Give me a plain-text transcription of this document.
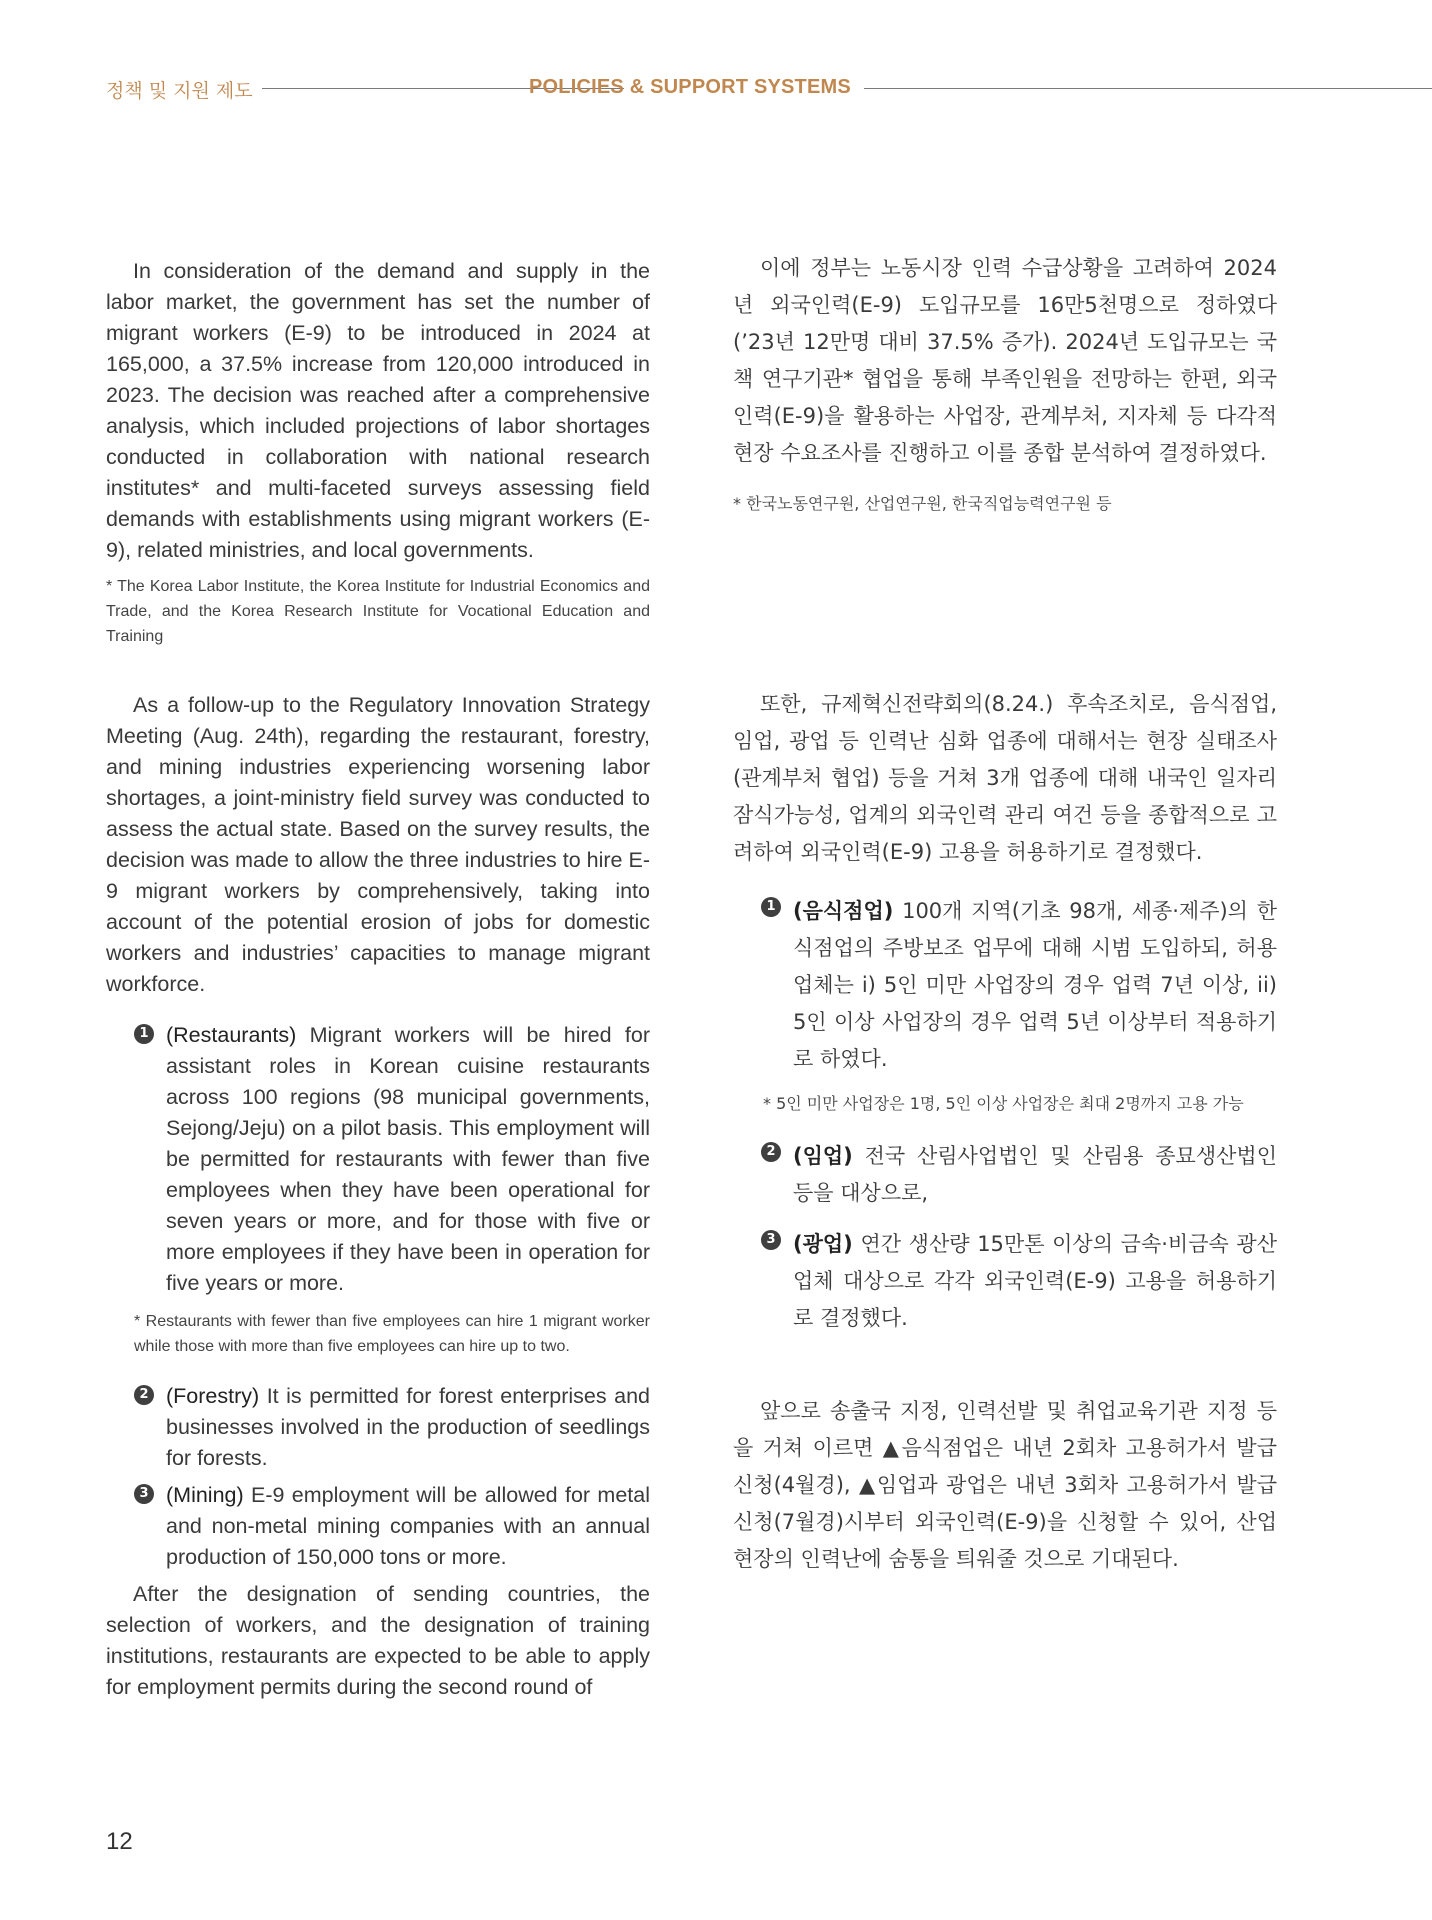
정책 및 지원 제도	POLICIES & SUPPORT SYSTEMS

In consideration of the demand and supply in the labor market, the government has set the number of migrant workers (E-9) to be introduced in 2024 at 165,000, a 37.5% increase from 120,000 introduced in 2023. The decision was reached after a comprehensive analysis, which included projections of labor shortages conducted in collaboration with national research institutes* and multi-faceted surveys assessing field demands with establishments using migrant workers (E-9), related ministries, and local governments.

* The Korea Labor Institute, the Korea Institute for Industrial Economics and Trade, and the Korea Research Institute for Vocational Education and Training

As a follow-up to the Regulatory Innovation Strategy Meeting (Aug. 24th), regarding the restaurant, forestry, and mining industries experiencing worsening labor shortages, a joint-ministry field survey was conducted to assess the actual state. Based on the survey results, the decision was made to allow the three industries to hire E-9 migrant workers by comprehensively, taking into account of the potential erosion of jobs for domestic workers and industries’ capacities to manage migrant workforce.

1 (Restaurants) Migrant workers will be hired for assistant roles in Korean cuisine restaurants across 100 regions (98 municipal governments, Sejong/Jeju) on a pilot basis. This employment will be permitted for restaurants with fewer than five employees when they have been operational for seven years or more, and for those with five or more employees if they have been in operation for five years or more.

* Restaurants with fewer than five employees can hire 1 migrant worker while those with more than five employees can hire up to two.

2 (Forestry) It is permitted for forest enterprises and businesses involved in the production of seedlings for forests.

3 (Mining) E-9 employment will be allowed for metal and non-metal mining companies with an annual production of 150,000 tons or more.

After the designation of sending countries, the selection of workers, and the designation of training institutions, restaurants are expected to be able to apply for employment permits during the second round of

이에 정부는 노동시장 인력 수급상황을 고려하여 2024년 외국인력(E-9) 도입규모를 16만5천명으로 정하였다(’23년 12만명 대비 37.5% 증가). 2024년 도입규모는 국책 연구기관* 협업을 통해 부족인원을 전망하는 한편, 외국인력(E-9)을 활용하는 사업장, 관계부처, 지자체 등 다각적 현장 수요조사를 진행하고 이를 종합 분석하여 결정하였다.

* 한국노동연구원, 산업연구원, 한국직업능력연구원 등

또한, 규제혁신전략회의(8.24.) 후속조치로, 음식점업, 임업, 광업 등 인력난 심화 업종에 대해서는 현장 실태조사(관계부처 협업) 등을 거쳐 3개 업종에 대해 내국인 일자리 잠식가능성, 업계의 외국인력 관리 여건 등을 종합적으로 고려하여 외국인력(E-9) 고용을 허용하기로 결정했다.

1 (음식점업) 100개 지역(기초 98개, 세종·제주)의 한식점업의 주방보조 업무에 대해 시범 도입하되, 허용 업체는 i) 5인 미만 사업장의 경우 업력 7년 이상, ii) 5인 이상 사업장의 경우 업력 5년 이상부터 적용하기로 하였다.

* 5인 미만 사업장은 1명, 5인 이상 사업장은 최대 2명까지 고용 가능

2 (임업) 전국 산림사업법인 및 산림용 종묘생산법인 등을 대상으로,

3 (광업) 연간 생산량 15만톤 이상의 금속·비금속 광산업체 대상으로 각각 외국인력(E-9) 고용을 허용하기로 결정했다.

앞으로 송출국 지정, 인력선발 및 취업교육기관 지정 등을 거쳐 이르면 ▲음식점업은 내년 2회차 고용허가서 발급 신청(4월경), ▲임업과 광업은 내년 3회차 고용허가서 발급 신청(7월경)시부터 외국인력(E-9)을 신청할 수 있어, 산업현장의 인력난에 숨통을 틔워줄 것으로 기대된다.

12
